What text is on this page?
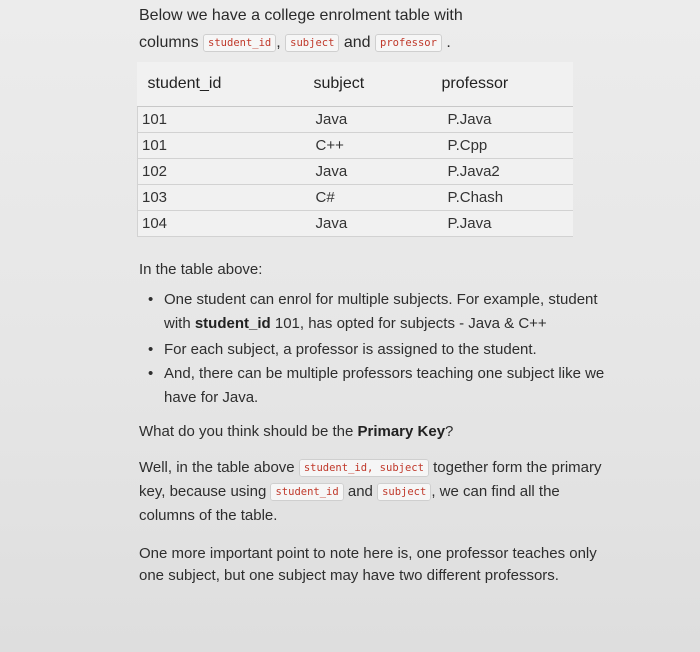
Below we have a college enrolment table with
columns student_id , subject and professor .
student_id	subject	professor
101	Java	P.Java
101	C++	P.Cpp
102	Java	P.Java2
103	C#	P.Chash
104	Java	P.Java

In the table above:

• One student can enrol for multiple subjects. For example, student with student_id 101, has opted for subjects - Java & C++
• For each subject, a professor is assigned to the student.
• And, there can be multiple professors teaching one subject like we have for Java.

What do you think should be the Primary Key?

Well, in the table above student_id, subject together form the primary key, because using student_id and subject , we can find all the columns of the table.

One more important point to note here is, one professor teaches only one subject, but one subject may have two different professors.
